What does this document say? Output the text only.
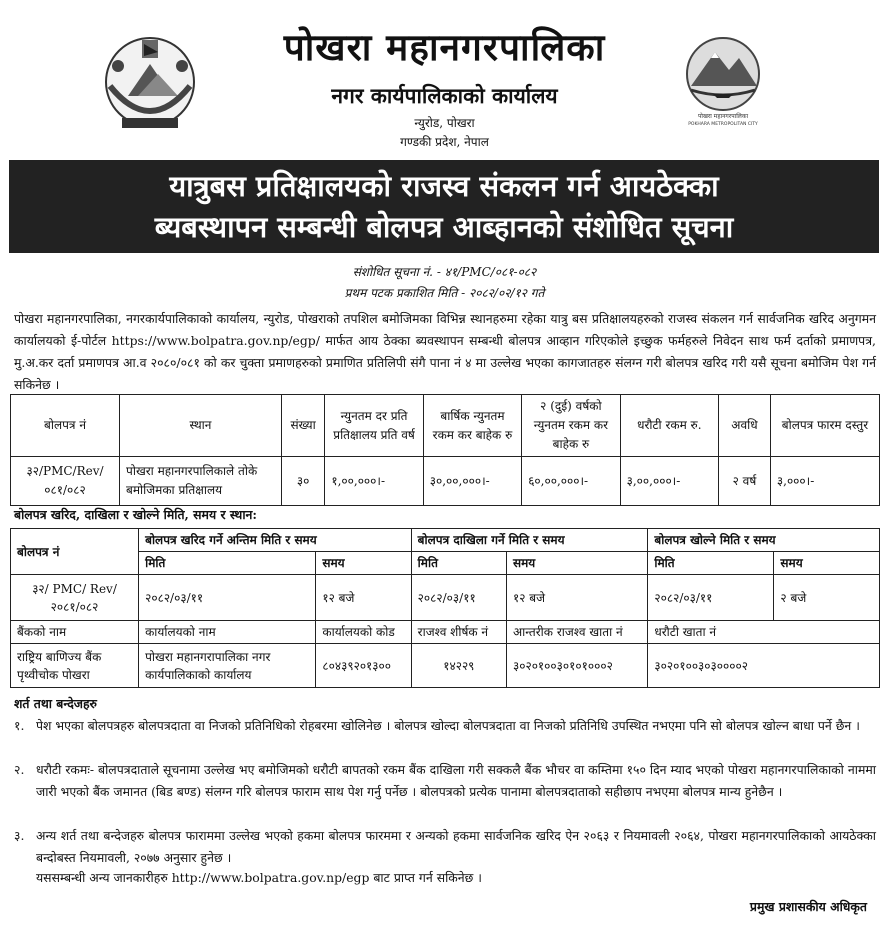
पोखरा महानगरपालिका
नगर कार्यपालिकाको कार्यालय
न्युरोड, पोखरा
गण्डकी प्रदेश, नेपाल
पोखरा महानगरपालिका
POKHARA METROPOLITAN CITY
यात्रुबस प्रतिक्षालयको राजस्व संकलन गर्न आयठेक्का
ब्यबस्थापन सम्बन्धी बोलपत्र आब्हानको संशोधित सूचना
संशोधित सूचना नं. - ४१/PMC/०८१-०८२
प्रथम पटक प्रकाशित मिति - २०८२/०२/१२ गते
पोखरा महानगरपालिका, नगरकार्यपालिकाको कार्यालय, न्युरोड, पोखराको तपशिल बमोजिमका विभिन्न स्थानहरुमा रहेका यात्रु बस प्रतिक्षालयहरुको राजस्व संकलन गर्न सार्वजनिक खरिद अनुगमन कार्यालयको ई-पोर्टल https://www.bolpatra.gov.np/egp/ मार्फत आय ठेक्का ब्यवस्थापन सम्बन्धी बोलपत्र आव्हान गरिएकोले इच्छुक फर्महरुले निवेदन साथ फर्म दर्ताको प्रमाणपत्र, मु.अ.कर दर्ता प्रमाणपत्र आ.व २०८०/०८१ को कर चुक्ता प्रमाणहरुको प्रमाणित प्रतिलिपी संगै पाना नं ४ मा उल्लेख भएका कागजातहरु संलग्न गरी बोलपत्र खरिद गरी यसै सूचना बमोजिम पेश गर्न सकिनेछ ।
बोलपत्र नं	स्थान	संख्या	न्युनतम दर प्रति प्रतिक्षालय प्रति वर्ष	बार्षिक न्युनतम रकम कर बाहेक रु	२ (दुई) वर्षको न्युनतम रकम कर बाहेक रु	धरौटी रकम रु.	अवधि	बोलपत्र फारम दस्तुर
३२/PMC/Rev/ ०८१/०८२	पोखरा महानगरपालिकाले तोके बमोजिमका प्रतिक्षालय	३०	१,००,०००।-	३०,००,०००।-	६०,००,०००।-	३,००,०००।-	२ वर्ष	३,०००।-
बोलपत्र खरिद, दाखिला र खोल्ने मिति, समय र स्थान:
बोलपत्र नं	बोलपत्र खरिद गर्ने अन्तिम मिति र समय		बोलपत्र दाखिला गर्ने मिति र समय		बोलपत्र खोल्ने मिति र समय	
	मिति	समय	मिति	समय	मिति	समय
३२/ PMC/ Rev/२०८१/०८२	२०८२/०३/११	१२ बजे	२०८२/०३/११	१२ बजे	२०८२/०३/११	२ बजे
बैंकको नाम	कार्यालयको नाम	कार्यालयको कोड	राजश्व शीर्षक नं	आन्तरीक राजश्व खाता नं	धरौटी खाता नं	
राष्ट्रिय बाणिज्य बैंक पृथ्वीचोक पोखरा	पोखरा महानगरापालिका नगर कार्यपालिकाको कार्यालय	८०४३९२०१३००	१४२२९	३०२०१००३०१०१०००२	३०२०१००३०३००००२	
शर्त तथा बन्देजहरु
१. पेश भएका बोलपत्रहरु बोलपत्रदाता वा निजको प्रतिनिधिको रोहबरमा खोलिनेछ । बोलपत्र खोल्दा बोलपत्रदाता वा निजको प्रतिनिधि उपस्थित नभएमा पनि सो बोलपत्र खोल्न बाधा पर्ने छैन ।
२. धरौटी रकमः- बोलपत्रदाताले सूचनामा उल्लेख भए बमोजिमको धरौटी बापतको रकम बैंक दाखिला गरी सक्कलै बैंक भौचर वा कम्तिमा १५० दिन म्याद भएको पोखरा महानगरपालिकाको नाममा जारी भएको बैंक जमानत (बिड बण्ड) संलग्न गरि बोलपत्र फाराम साथ पेश गर्नु पर्नेछ । बोलपत्रको प्रत्येक पानामा बोलपत्रदाताको सहीछाप नभएमा बोलपत्र मान्य हुनेछैन ।
३. अन्य शर्त तथा बन्देजहरु बोलपत्र फाराममा उल्लेख भएको हकमा बोलपत्र फारममा र अन्यको हकमा सार्वजनिक खरिद ऐन २०६३ र नियमावली २०६४, पोखरा महानगरपालिकाको आयठेक्का बन्दोबस्त नियमावली, २०७७ अनुसार हुनेछ ।
यससम्बन्धी अन्य जानकारीहरु http://www.bolpatra.gov.np/egp बाट प्राप्त गर्न सकिनेछ ।
प्रमुख प्रशासकीय अधिकृत
